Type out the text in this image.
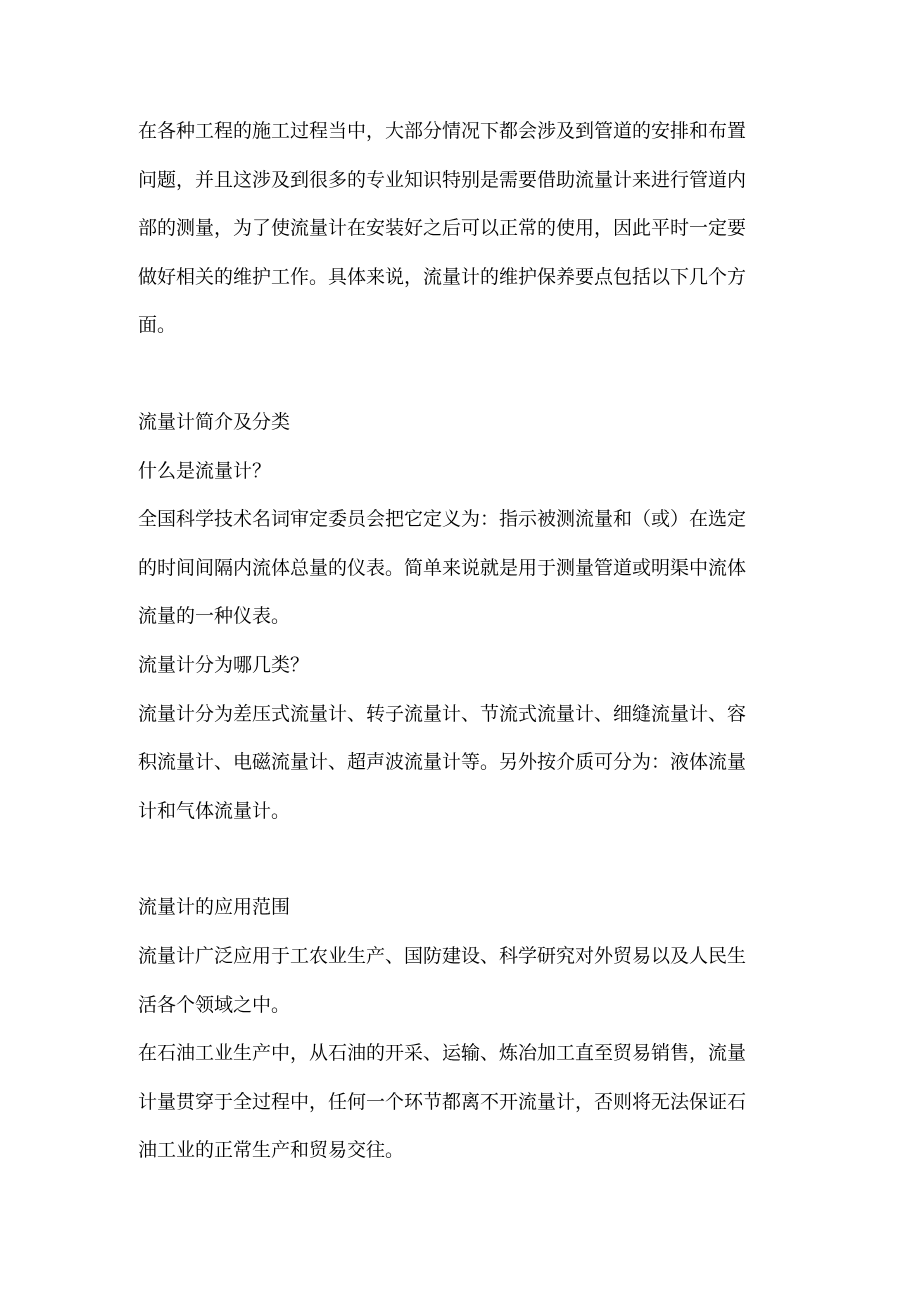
在各种工程的施工过程当中，大部分情况下都会涉及到管道的安排和布置
问题，并且这涉及到很多的专业知识特别是需要借助流量计来进行管道内
部的测量，为了使流量计在安装好之后可以正常的使用，因此平时一定要
做好相关的维护工作。具体来说，流量计的维护保养要点包括以下几个方
面。

流量计简介及分类
什么是流量计？
全国科学技术名词审定委员会把它定义为：指示被测流量和（或）在选定
的时间间隔内流体总量的仪表。简单来说就是用于测量管道或明渠中流体
流量的一种仪表。
流量计分为哪几类？
流量计分为差压式流量计、转子流量计、节流式流量计、细缝流量计、容
积流量计、电磁流量计、超声波流量计等。另外按介质可分为：液体流量
计和气体流量计。

流量计的应用范围
流量计广泛应用于工农业生产、国防建设、科学研究对外贸易以及人民生
活各个领域之中。
在石油工业生产中，从石油的开采、运输、炼冶加工直至贸易销售，流量
计量贯穿于全过程中，任何一个环节都离不开流量计，否则将无法保证石
油工业的正常生产和贸易交往。
